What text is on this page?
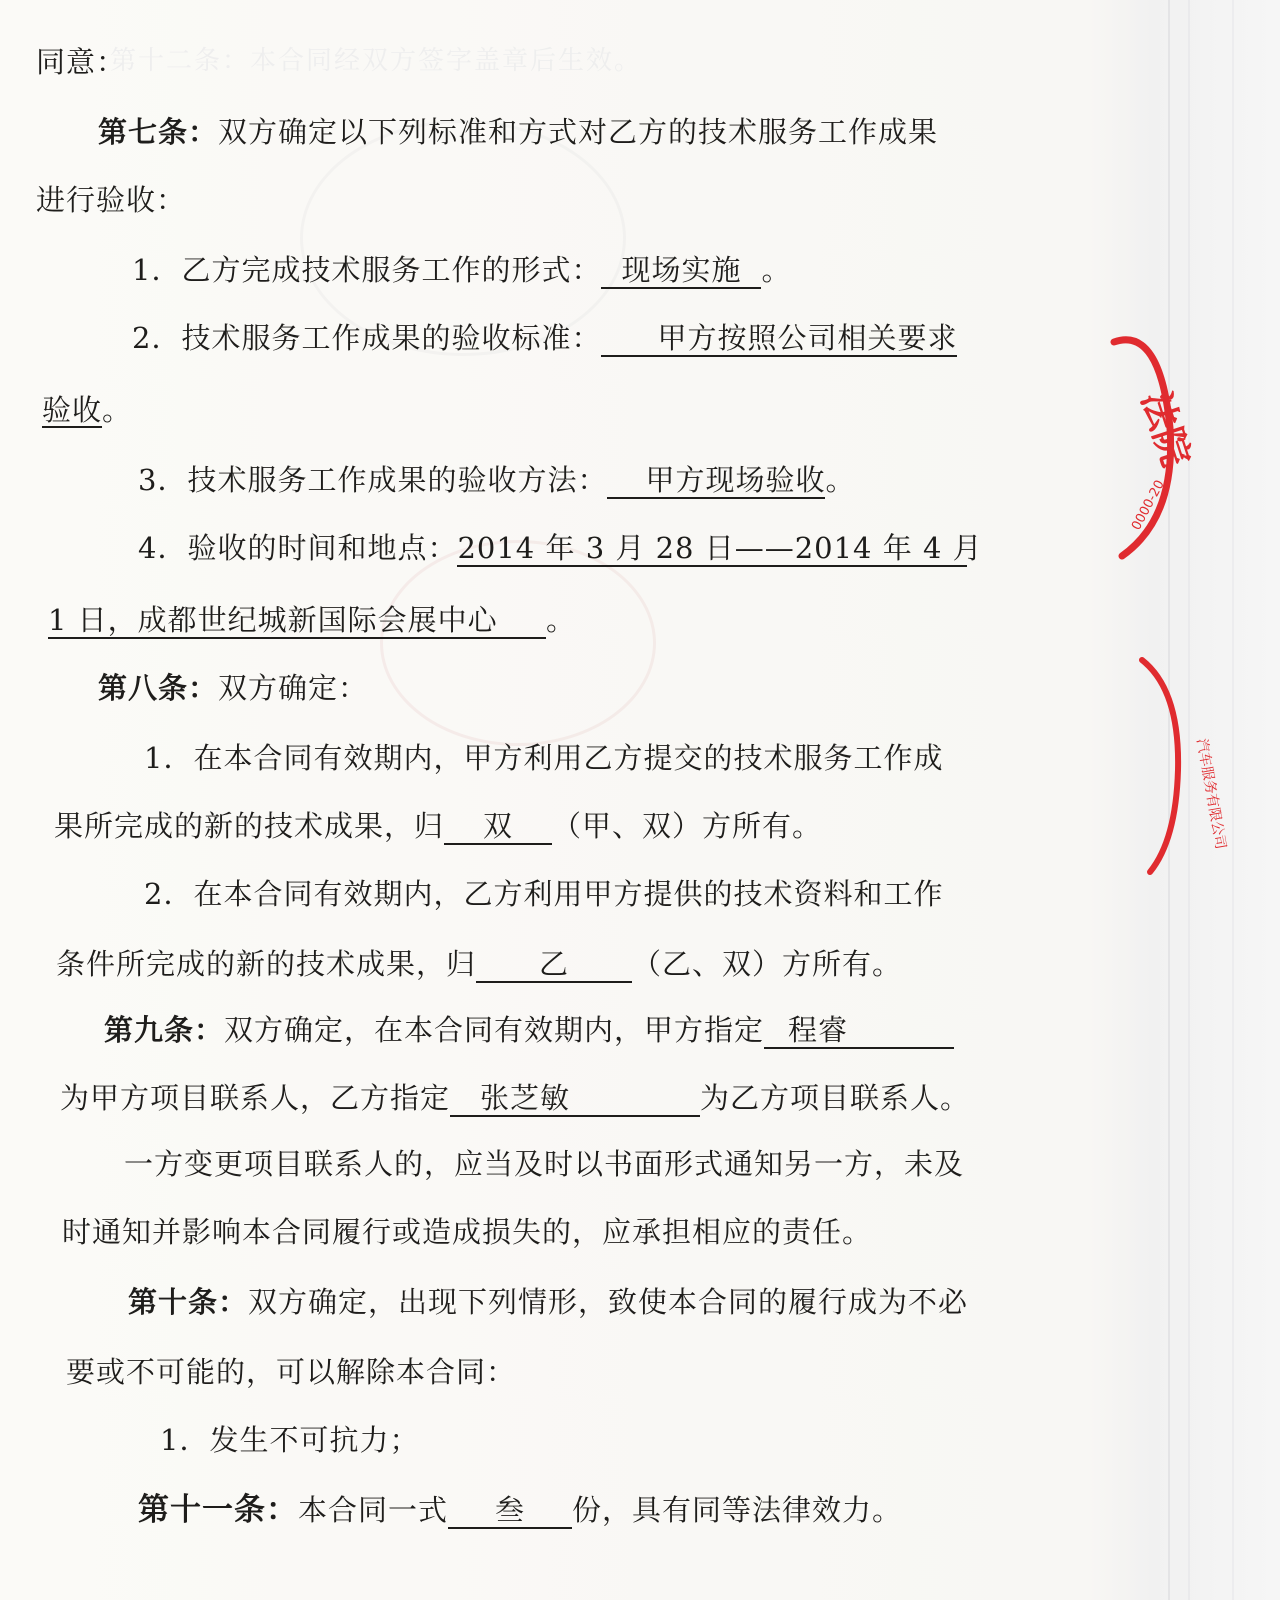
第十二条：本合同经双方签字盖章后生效。
同意：
第七条：双方确定以下列标准和方式对乙方的技术服务工作成果
进行验收：
1．乙方完成技术服务工作的形式： 现场实施 。
2．技术服务工作成果的验收标准： 甲方按照公司相关要求
验收。
3．技术服务工作成果的验收方法： 甲方现场验收。
4．验收的时间和地点：2014 年 3 月 28 日——2014 年 4 月
1 日，成都世纪城新国际会展中心 。
第八条：双方确定：
1．在本合同有效期内，甲方利用乙方提交的技术服务工作成
果所完成的新的技术成果，归 双 （甲、双）方所有。
2．在本合同有效期内，乙方利用甲方提供的技术资料和工作
条件所完成的新的技术成果，归 乙 （乙、双）方所有。
第九条：双方确定，在本合同有效期内，甲方指定 程睿
为甲方项目联系人，乙方指定 张芝敏	为乙方项目联系人。
一方变更项目联系人的，应当及时以书面形式通知另一方，未及
时通知并影响本合同履行或造成损失的，应承担相应的责任。
第十条：双方确定，出现下列情形，致使本合同的履行成为不必
要或不可能的，可以解除本合同：
1．发生不可抗力；
第十一条：本合同一式 叁 份，具有同等法律效力。
法院
0000-20
汽车服务有限公司
